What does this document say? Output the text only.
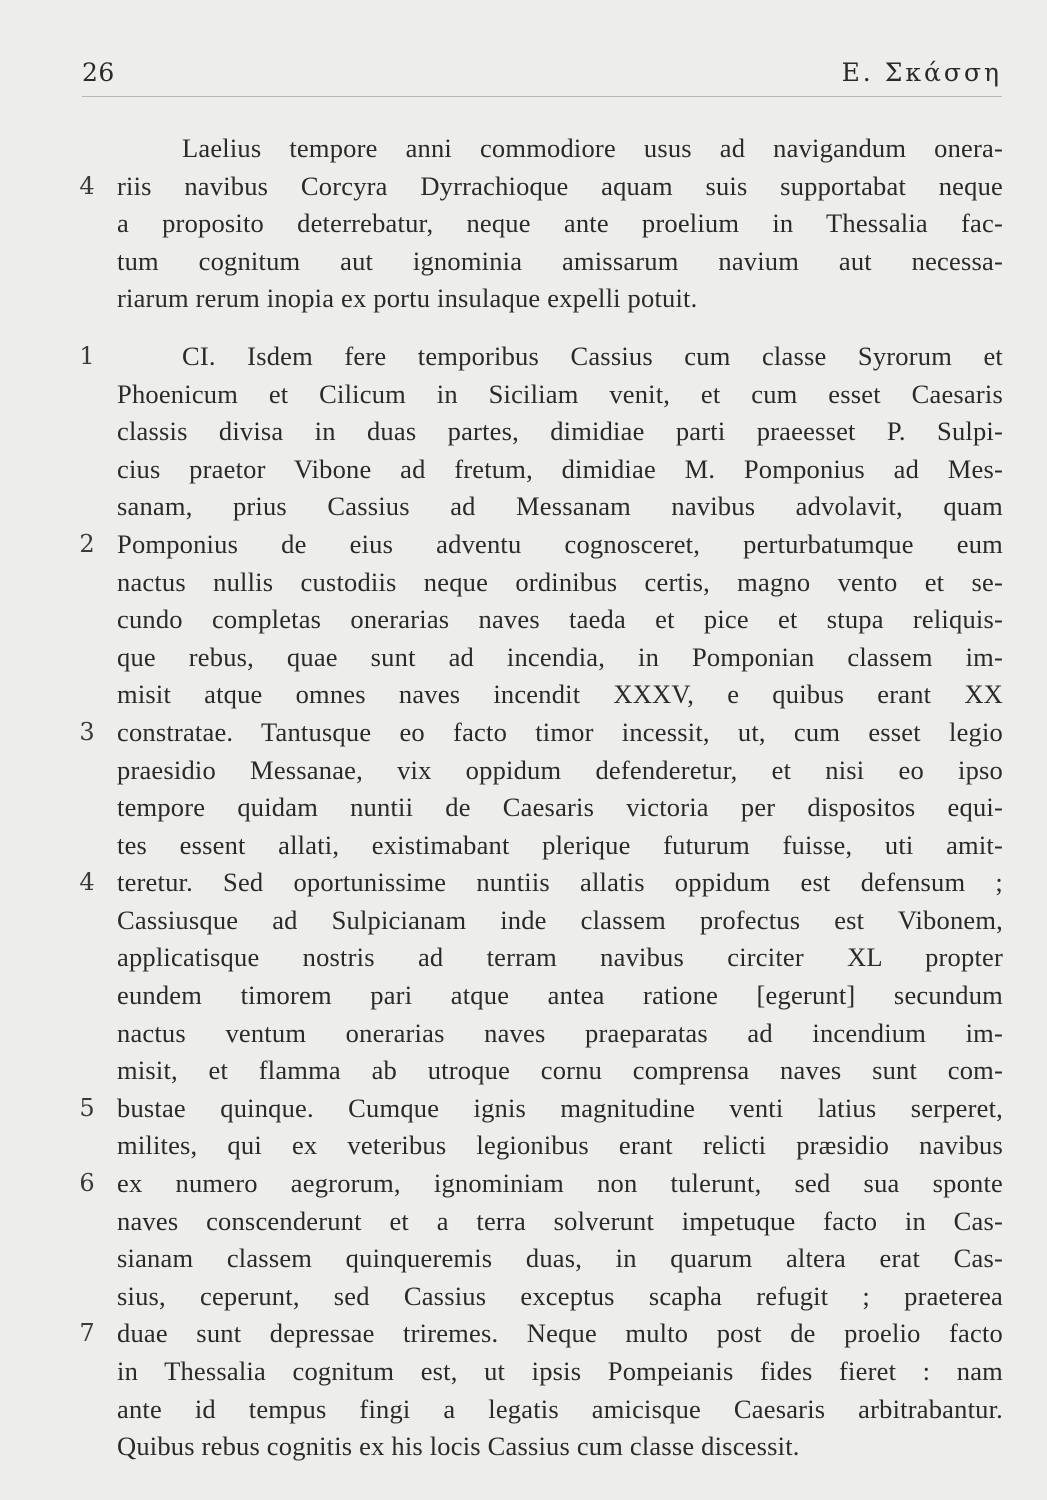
26	Ε. Σκάσση
Laelius tempore anni commodiore usus ad navigandum onera-
4 riis navibus Corcyra Dyrrachioque aquam suis supportabat neque
a proposito deterrebatur, neque ante proelium in Thessalia fac-
tum cognitum aut ignominia amissarum navium aut necessa-
riarum rerum inopia ex portu insulaque expelli potuit.
1	CI. Isdem fere temporibus Cassius cum classe Syrorum et
Phoenicum et Cilicum in Siciliam venit, et cum esset Caesaris
classis divisa in duas partes, dimidiae parti praeesset P. Sulpi-
cius praetor Vibone ad fretum, dimidiae M. Pomponius ad Mes-
sanam, prius Cassius ad Messanam navibus advolavit, quam
2 Pomponius de eius adventu cognosceret, perturbatumque eum
nactus nullis custodiis neque ordinibus certis, magno vento et se-
cundo completas onerarias naves taeda et pice et stupa reliquis-
que rebus, quae sunt ad incendia, in Pomponian classem im-
misit atque omnes naves incendit XXXV, e quibus erant XX
3 constratae. Tantusque eo facto timor incessit, ut, cum esset legio
praesidio Messanae, vix oppidum defenderetur, et nisi eo ipso
tempore quidam nuntii de Caesaris victoria per dispositos equi-
tes essent allati, existimabant plerique futurum fuisse, uti amit-
4 teretur. Sed oportunissime nuntiis allatis oppidum est defensum ;
Cassiusque ad Sulpicianam inde classem profectus est Vibonem,
applicatisque nostris ad terram navibus circiter XL propter
eundem timorem pari atque antea ratione [egerunt] secundum
nactus ventum onerarias naves praeparatas ad incendium im-
misit, et flamma ab utroque cornu comprensa naves sunt com-
5 bustae quinque. Cumque ignis magnitudine venti latius serperet,
milites, qui ex veteribus legionibus erant relicti præsidio navibus
6 ex numero aegrorum, ignominiam non tulerunt, sed sua sponte
naves conscenderunt et a terra solverunt impetuque facto in Cas-
sianam classem quinqueremis duas, in quarum altera erat Cas-
sius, ceperunt, sed Cassius exceptus scapha refugit ; praeterea
7 duae sunt depressae triremes. Neque multo post de proelio facto
in Thessalia cognitum est, ut ipsis Pompeianis fides fieret : nam
ante id tempus fingi a legatis amicisque Caesaris arbitrabantur.
Quibus rebus cognitis ex his locis Cassius cum classe discessit.
